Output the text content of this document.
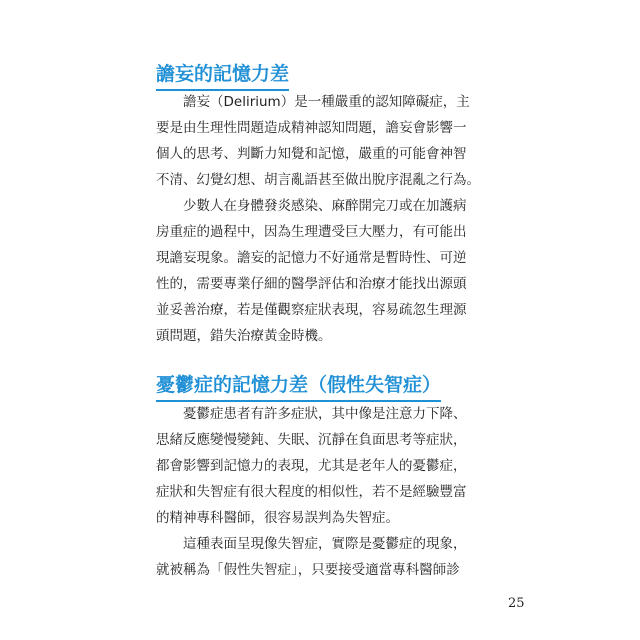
譫妄的記憶力差

譫妄（Delirium）是一種嚴重的認知障礙症，主

要是由生理性問題造成精神認知問題，譫妄會影響一

個人的思考、判斷力知覺和記憶，嚴重的可能會神智

不清、幻覺幻想、胡言亂語甚至做出脫序混亂之行為。

少數人在身體發炎感染、麻醉開完刀或在加護病

房重症的過程中，因為生理遭受巨大壓力，有可能出

現譫妄現象。譫妄的記憶力不好通常是暫時性、可逆

性的，需要專業仔細的醫學評估和治療才能找出源頭

並妥善治療，若是僅觀察症狀表現，容易疏忽生理源

頭問題，錯失治療黃金時機。

憂鬱症的記憶力差（假性失智症）

憂鬱症患者有許多症狀，其中像是注意力下降、

思緒反應變慢變鈍、失眠、沉靜在負面思考等症狀，

都會影響到記憶力的表現，尤其是老年人的憂鬱症，

症狀和失智症有很大程度的相似性，若不是經驗豐富

的精神專科醫師，很容易誤判為失智症。

這種表面呈現像失智症，實際是憂鬱症的現象，

就被稱為「假性失智症」，只要接受適當專科醫師診

25
